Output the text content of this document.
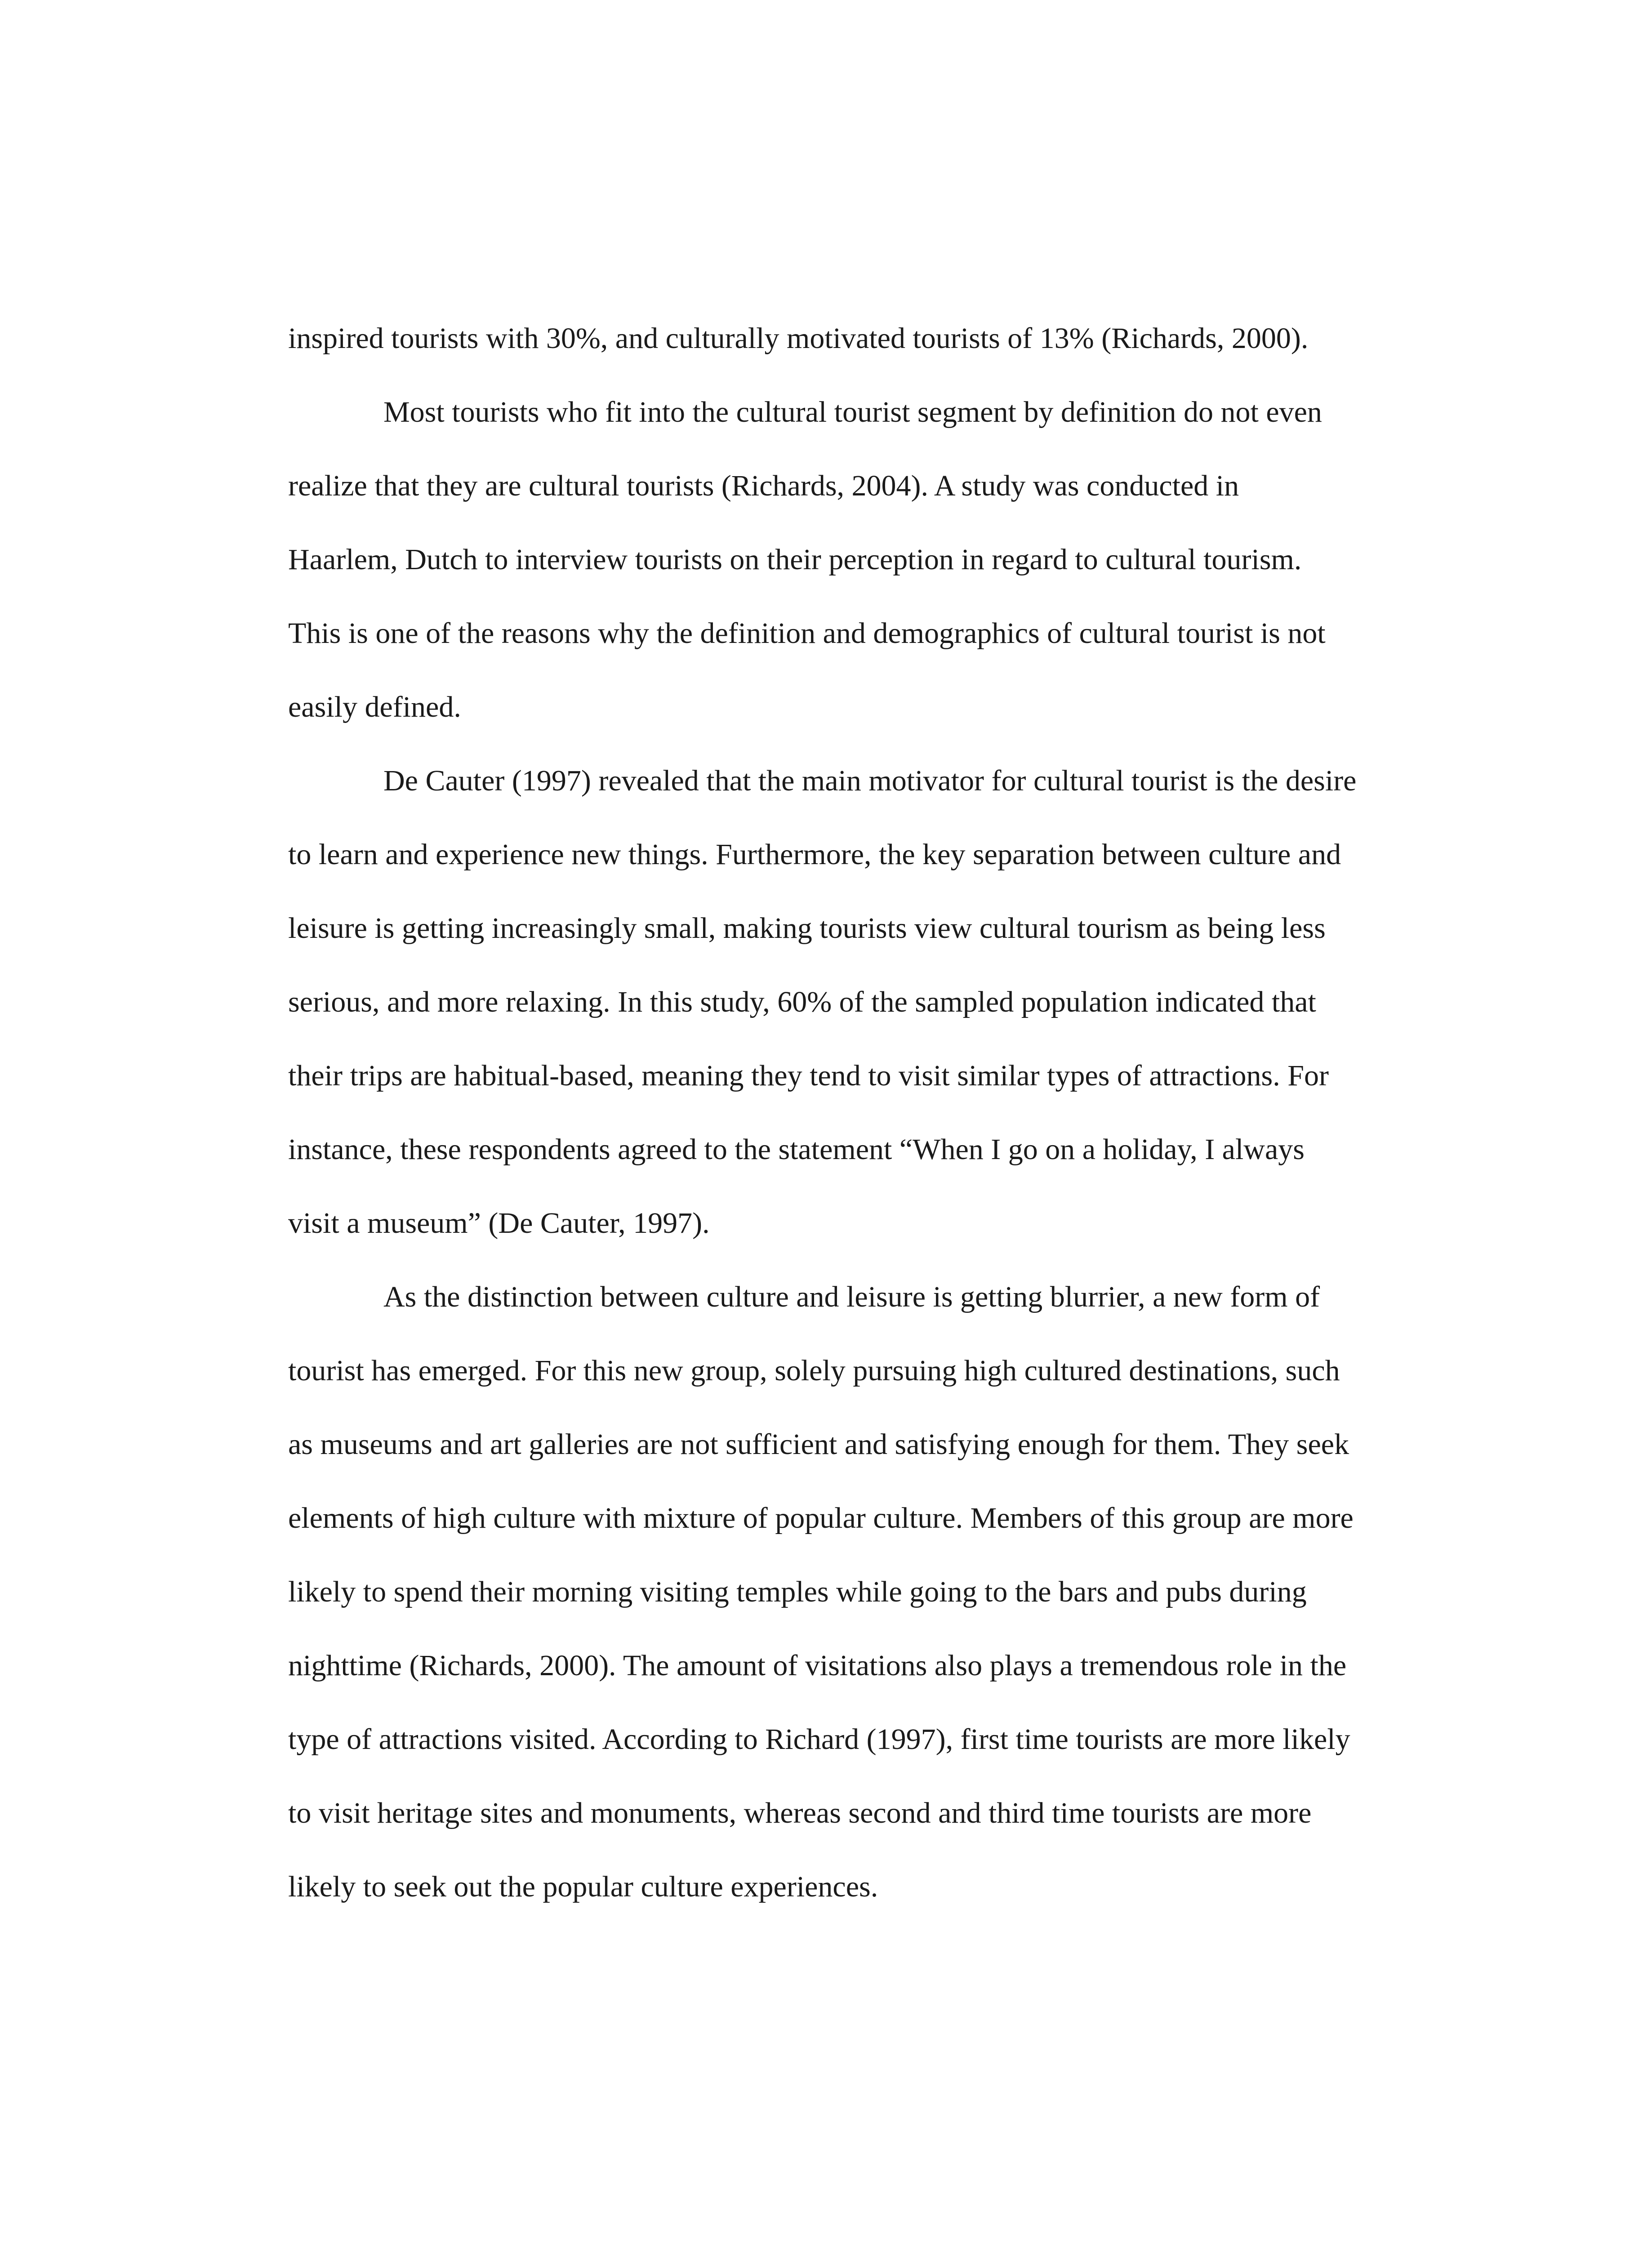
inspired tourists with 30%, and culturally motivated tourists of 13% (Richards, 2000).
Most tourists who fit into the cultural tourist segment by definition do not even
realize that they are cultural tourists (Richards, 2004). A study was conducted in
Haarlem, Dutch to interview tourists on their perception in regard to cultural tourism.
This is one of the reasons why the definition and demographics of cultural tourist is not
easily defined.
De Cauter (1997) revealed that the main motivator for cultural tourist is the desire
to learn and experience new things. Furthermore, the key separation between culture and
leisure is getting increasingly small, making tourists view cultural tourism as being less
serious, and more relaxing. In this study, 60% of the sampled population indicated that
their trips are habitual-based, meaning they tend to visit similar types of attractions. For
instance, these respondents agreed to the statement “When I go on a holiday, I always
visit a museum” (De Cauter, 1997).
As the distinction between culture and leisure is getting blurrier, a new form of
tourist has emerged. For this new group, solely pursuing high cultured destinations, such
as museums and art galleries are not sufficient and satisfying enough for them. They seek
elements of high culture with mixture of popular culture. Members of this group are more
likely to spend their morning visiting temples while going to the bars and pubs during
nighttime (Richards, 2000). The amount of visitations also plays a tremendous role in the
type of attractions visited. According to Richard (1997), first time tourists are more likely
to visit heritage sites and monuments, whereas second and third time tourists are more
likely to seek out the popular culture experiences.
